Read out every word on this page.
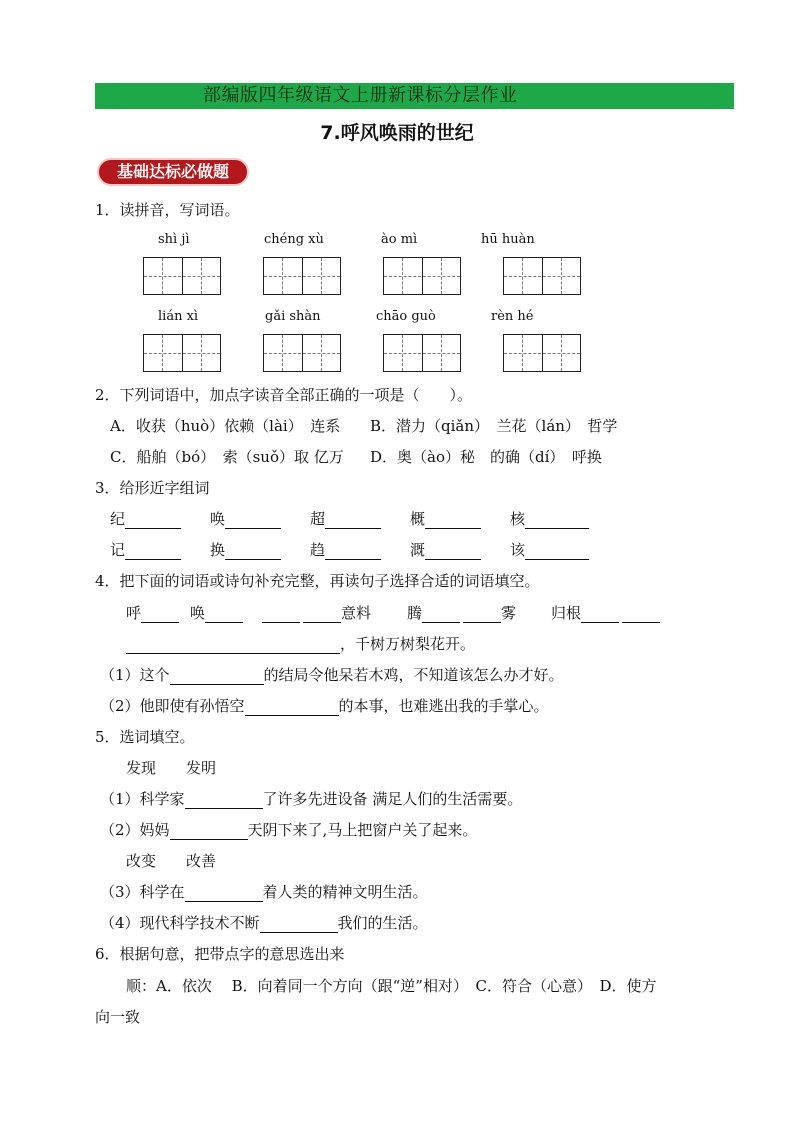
部编版四年级语文上册新课标分层作业
7.呼风唤雨的世纪
基础达标必做题
1．读拼音，写词语。
shì jì	chéng xù	ào mì	hū huàn
lián xì	gǎi shàn	chāo guò	rèn hé
2．下列词语中，加点字读音全部正确的一项是（　　）。
A．收获（huò）依赖（lài）　连系 B．潜力（qiǎn）　兰花（lán）　哲学
C．船舶（bó）　索（suǒ）取 亿万 D．奥（ào）秘　的确（dí）　呼换
3．给形近字组词
纪	唤	超	概	核
记	换	趋	溉	该
4．把下面的词语或诗句补充完整，再读句子选择合适的词语填空。
呼	唤
 	意料 腾 	雾 归根 
，千树万树梨花开。
（1）这个	的结局令他呆若木鸡，不知道该怎么办才好。
（2）他即使有孙悟空	的本事，也难逃出我的手掌心。
5．选词填空。
发现 发明
（1）科学家	了许多先进设备 满足人们的生活需要。
（2）妈妈	天阴下来了,马上把窗户关了起来。
改变 改善
（3）科学在	着人类的精神文明生活。
（4）现代科学技术不断	我们的生活。
6．根据句意，把带点字的意思选出来
顺：A．依次　 B．向着同一个方向（跟“逆”相对）　C．符合（心意）　D．使方
向一致
